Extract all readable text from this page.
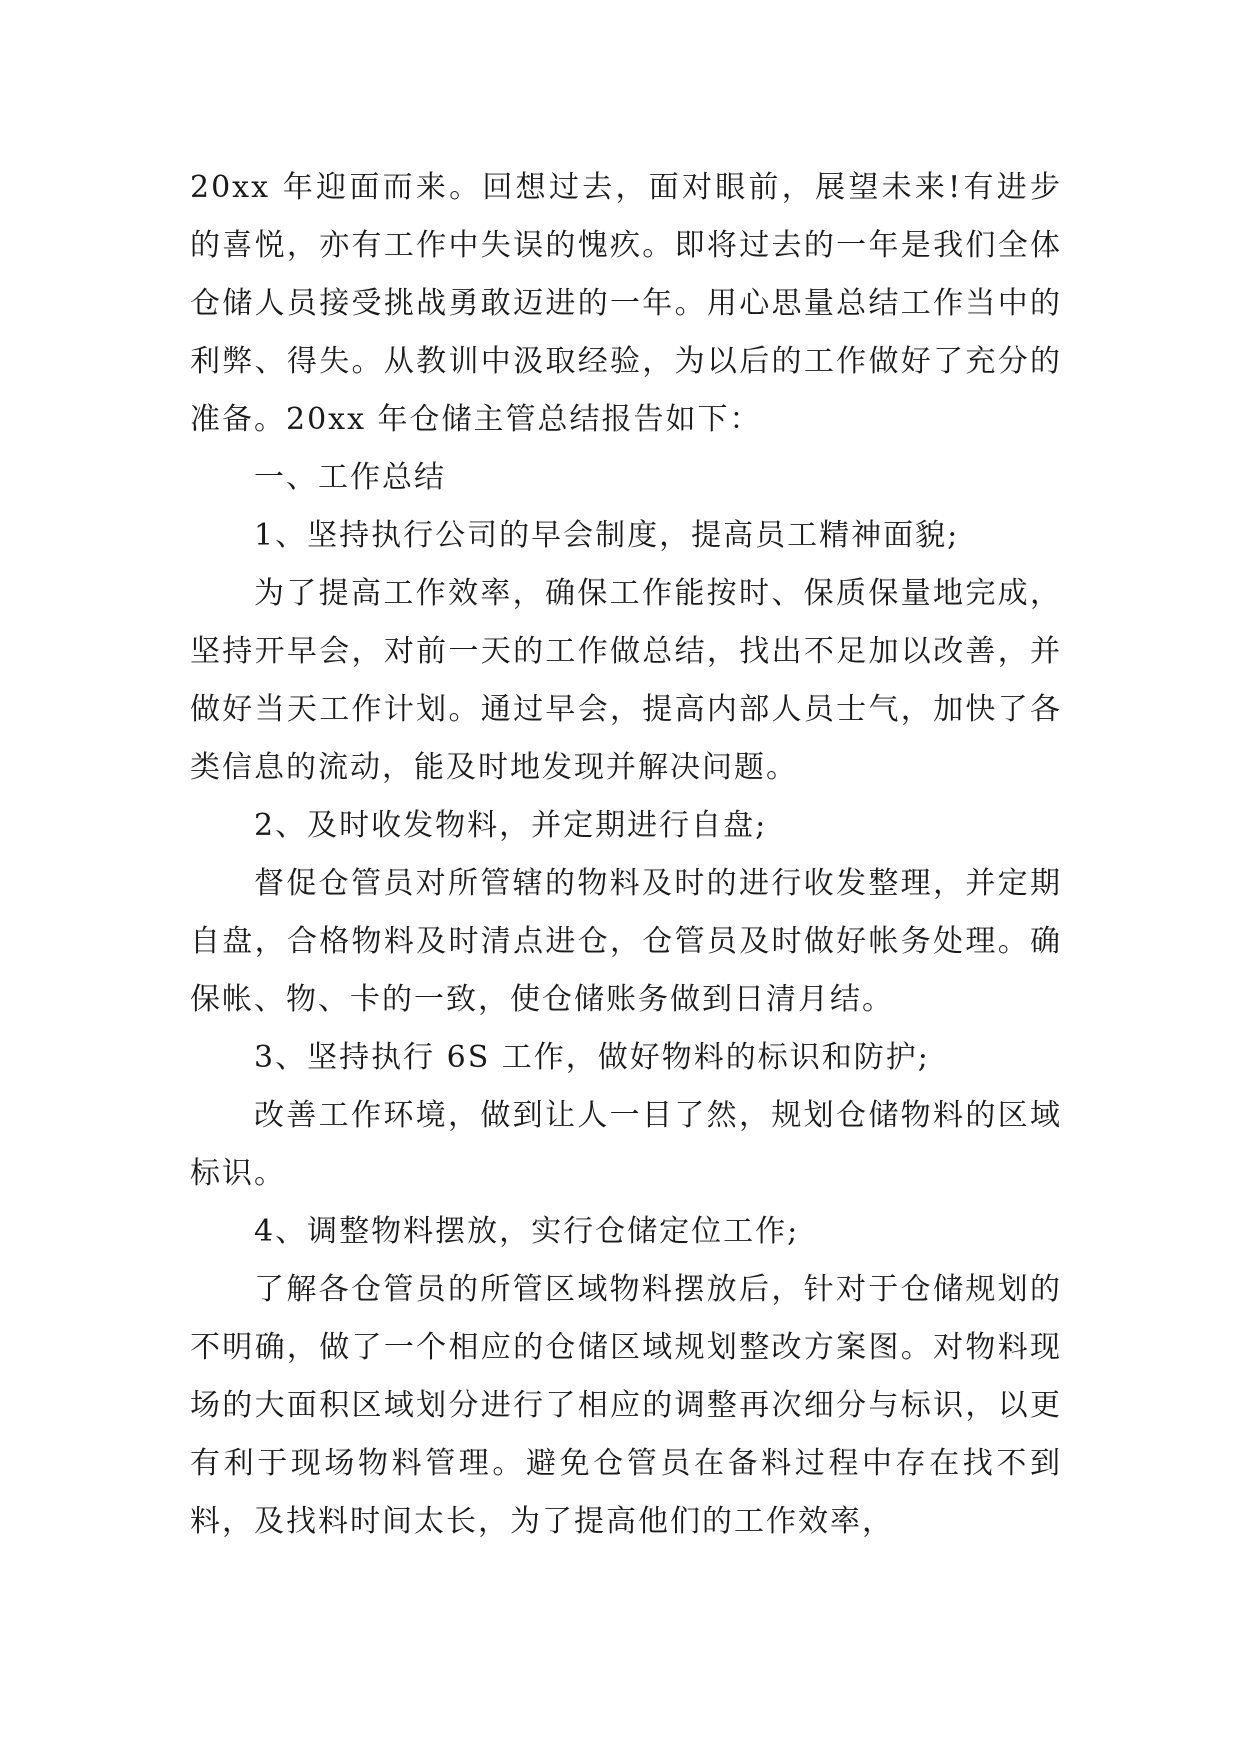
20xx 年迎面而来。回想过去，面对眼前，展望未来!有进步的喜悦，亦有工作中失误的愧疚。即将过去的一年是我们全体仓储人员接受挑战勇敢迈进的一年。用心思量总结工作当中的利弊、得失。从教训中汲取经验，为以后的工作做好了充分的准备。20xx 年仓储主管总结报告如下：

一、工作总结

1、坚持执行公司的早会制度，提高员工精神面貌;

为了提高工作效率，确保工作能按时、保质保量地完成，坚持开早会，对前一天的工作做总结，找出不足加以改善，并做好当天工作计划。通过早会，提高内部人员士气，加快了各类信息的流动，能及时地发现并解决问题。

2、及时收发物料，并定期进行自盘;

督促仓管员对所管辖的物料及时的进行收发整理，并定期自盘，合格物料及时清点进仓，仓管员及时做好帐务处理。确保帐、物、卡的一致，使仓储账务做到日清月结。

3、坚持执行 6S 工作，做好物料的标识和防护;

改善工作环境，做到让人一目了然，规划仓储物料的区域标识。

4、调整物料摆放，实行仓储定位工作;

了解各仓管员的所管区域物料摆放后，针对于仓储规划的不明确，做了一个相应的仓储区域规划整改方案图。对物料现场的大面积区域划分进行了相应的调整再次细分与标识，以更有利于现场物料管理。避免仓管员在备料过程中存在找不到料，及找料时间太长，为了提高他们的工作效率，
